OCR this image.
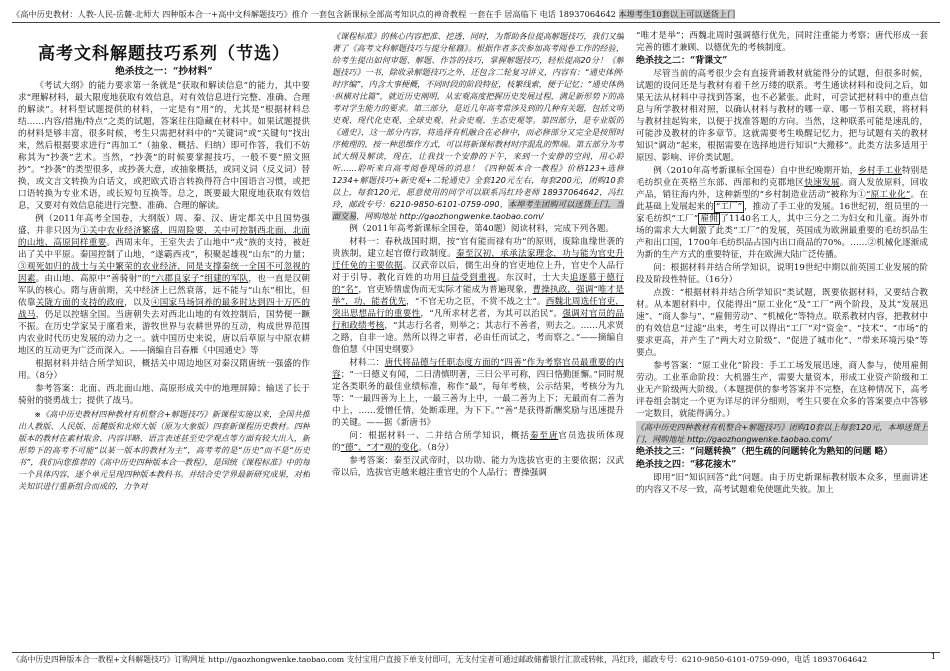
《高中历史教材：人教-人民-岳麓-北师大 四种版本合一+高中文科解题技巧》推介 一套包含新课标全部高考知识点的神奇教程 一套在手 居高临下 电话 18937064642 本埠考生10套以上可以送货上门
高考文科解题技巧系列（节选）
绝杀技之一：“抄材料”

《考试大纲》的能力要求第一条就是“获取和解读信息”的能力，其中要求“理解材料，最大限度地获取有效信息，对有效信息进行完整、准确、合理的解读”。材料型试题提供的材料，一定是有“用”的，尤其是“根据材料总结……内容/措施/特点”之类的试题，答案往往隐藏在材料中。如果试题提供的材料是够丰富，很多时候，考生只需把材料中的“关键词”或“关键句”找出来，然后根据要求进行“再加工”（抽象、概括、归纳）即可作答，我们不妨称其为“抄袭”艺术。当然，“抄袭”的时候要掌握技巧，一般不要“照文照抄”。“抄袭”的类型很多，或抄袭大意，或抽象概括，或同义词（反义词）替换，或文言文转换为白话文，或把欧式语言转换得符合中国语言习惯，或把口语转换为专业术语，或长短句互换等。总之，既要最大限度地获取有效信息，又要对有效信息能进行完整、准确、合理的解读。

例（2011年高考全国卷，大纲版）周、秦、汉、唐定都关中且国势强盛，并非只因为①关中农业经济繁盛，四周险要，关中可控制西北面、北面的山地、高原同样重要。西周末年，王室失去了山地中“戎”族的支持，被赶出了关中平原。秦国控制了山地，“遂霸西戎”，积聚起雄视“山东”的力量；③观死如归的战士与关中繁荣的农业经济，同是支撑秦统一全国不可忽视的因素。由山地、高原中“善骑射”的“六郡良家子”组建的军队，也一直是汉朝军队的核心。隋与唐前期，关中经济上已然衰落，远不能与“山东”相比，但依靠关陇方面的支持的政府，以及④国家马场饲养的最多时达到四十万匹的战马，仍足以控辖全国。当唐朝失去对西北山地的有效控制后，国势便一蹶不振。在历史学家吴于廑看来，游牧世界与农耕世界的互动，构成世界范围内农业时代历史发展的动力之一。就中国历史来说，唐以后草原与中原农耕地区的互动更为广泛而深入。——摘编自吕春雁《中国通史》等

根据材料并结合所学知识，概括关中周边地区对秦汉隋唐统一强盛的作用。（8分）

参考答案：北面、西北面山地、高原形成关中的地理屏障；输送了长于骑射的骁勇战士；提供了战马。

※《高中历史教材四种教材有机整合+解题技巧》新课程实施以来，全国共推出人教版、人民版、岳麓版和北师大版（原为大象版）四套新课程历史教材。四种版本的教材在素材取舍、内容详略、语言表述甚至史学观点等方面有较大出入，新形势下的高考不可能“以某一版本的教材为主”，高考考的是“历史”而不是“历史书”，我们向您推荐的《高中历史四种版本合一教程》，是国统《课程标准》中的每一个具体内容，逐个单元呈现四种版本教科书。并结合史学界最新研究成果，对相关知识进行重新组合而成的，力争对

《课程标准》的核心内容把准、挖透、同时，为帮助各位提高解题技巧，我们又编著了《高考文科解题技巧与提分秘籍》。根据作者多次参加高考阅卷工作的经验，给考生提出如何审题、解题、作答的技巧，掌握解题技巧，轻松提高20分！《解题技巧》一书，除收录解题技巧之外，还包含二轮复习讲义，内容有：“通史体例·时序编”，内含大事梗概，不同时段的阶段特征，枝繁线索，便于记忆；“通史体例·纵横对比篇”，就近历史阐明，从宏观高度把握历史发展过程，满足新形势下的高考对学生能力的要求。第三部分，是近几年高考常涉及到的几种有关题，包括文明史观、现代化史观、全球史观、社会史观、生态史观等。第四部分，是专业版的《通史》，这一部分内容，将选择有机融合在必修中，而必修部分又完全是按照时序梳理的，按一种思维作方式，可以将新课标教材时序混乱的弊端。第五部分为考试大纲及解读，现在，让我找一个安静的下午，来到一个安静的空间，用心聆听……聆听来自高考阅卷现场的消息！《四种版本合一教程》价格123+选修1234+解题技巧+新史观+二轮通史》全套120元左右，每套200元，团购10套以上，每套120元，愿意使用的同学可以联系冯红玲老师 18937064642，冯红玲，邮政专号：6210-9850-6101-0759-090，本埠考生团购可以送货上门，当面交易，网购地址 http://gaozhongwenke.taobao.com/

例（2011年高考新课标全国卷，第40题）阅读材料，完成下列各题。

材料一：春秋战国时期，按“官有能而禄有功”的原则，废除血缘世袭的贵族制，建立起官僚行政制度。秦至汉初，承承法家理念，功与能为官史升迁任免的主要依据。汉武帝以后，儒生出身的官吏地位上升，官史个人品行对于引导、教化百姓的功用日益受到重视。东汉时，士大夫追逐慕于德行的“名”，官吏矫情虚伪而无实际才能成为普遍现象，曹操执政，强调“唯才是举”，功，能者优先，“不官无功之臣，不赏不战之士”。西魏北周选任官吏，突出思想品行的重要性，“凡所求材艺者，为其可以治民”。强调对官员的品行和政绩考核，“其志行名者，则举之；其志行不善者，则去之。……凡求贤之路，自非一途。然所以得之审者，必由任而试之，考而察之。”——摘编自詹伯慧《中国史纲要》

材料二：唐代将品德与任职态度方面的“四善”作为考察官员最重要的内容；“一曰德义有闻，二曰清慎明著，三曰公平可称，四曰恪勤匪懈。”同时规定各类职务的最佳业绩标准，称作“最”，每年考核，公示结果，考核分为九等：“一最四善为上上，一最三善为上中，一最二善为上下；无最而有二善为中上，……爱憎任情，处断乖理，为下下。”“善”是获得新酬奖励与迅速提升的关键。——据《新唐书》

问：根据材料一、二并结合所学知识，概括秦至唐官员选拔所体现的“德”、“才”观的变化。（8分）

参考答案：秦至汉武帝时，以功勋、能力为选拔官吏的主要依据；汉武帝以后，选拔官吏越来越注重官史的个人品行；曹操强调

“唯才是举”；西魏北周时强调德行优先，同时注重能力考察；唐代形成一套完善的德才兼顾、以德优先的考核制度。

绝杀技之二：“背课文”

尽管当前的高考很少会有直接背诵教材就能得分的试题，但很多时候，试题的设问还是与教材有着千丝万缕的联系。考生通读材料和设问之后，如果无法从材料中寻找到答案，也不必紧张。此时，可尝试把材料中的重点信息与所学教材相对照，以确认材料与教材的哪一章、哪一节相关联，将材料与教材挂起钩来，以便于找准答题的方向。当然，这种联系可能是速乱的，可能涉及教材的许多章节。这就需要考生唤醒记忆力，把与试题有关的教材知识“调动”起来，根据需要在选择地进行知识“大搬移”。此类方法多适用于原因、影响、评价类试题。

例（2010年高考新课标全国卷）自中世纪晚期开始，乡村手工业特别是毛纺织业在英格兰东部、西部和约克郡地区快速发展。商人发放原料，回收产品，销往海内外，这种新型的“乡村制造业活动”被称为①“原工业化”。在此基础上发展起来的 “工厂” ，推动了手工业的发展。16世纪初，组员里的一家毛纺织“工厂” 雇佣 了1140名工人，其中三分之二为妇女和儿童。海外市场的需求大大刺激了此类“工厂”的发展，英国成为欧洲最重要的毛纺织品生产和出口国，1700年毛纺织品占国内出口商品的70%。……②机械化逐渐成为新的生产方式的重要特征，并在欧洲大陆广泛传播。

问：根据材料并结合所学知识，说明19世纪中期以前英国工业发展的阶段及阶段性特征。（16分）

点拨：“根据材料并结合所学知识”类试题，既要依据材料，又要结合教材。从本题材料中，仅能得出“原工业化”及“工厂”两个阶段，及其“发展迅速”、“商人参与”、“雇佣劳动”、“机械化”等特点。联系教材内容，把教材中的有效信息“过滤”出来，考生可以得出“工厂”对“资金”、“技术”、“市场”的要求更高，并产生了“两大对立阶级”、“促进了城市化”、“带来环境污染”等要点。

参考答案：“原工业化”阶段：手工工场发展迅速，商人参与，使用雇佣劳动。工业革命阶段：大机器生产，需要大量资本，形成工业资产阶级和工业无产阶级两大阶级。（本题提供的参考答案并不完整，在这种情况下，高考评卷组会制定一个更为详尽的评分细则，考生只要在众多的答案要点中答够一定数目，就能得满分。）

《高中历史四种教材有机整合+解题技巧》团购10套以上每套120元，本埠送货上门，网购地址 http://gaozhongwenke.taobao.com/

绝杀技之三：“问题转换”（把生疏的问题转化为熟知的问题 略）
绝杀技之四：“移花接木”

即用“旧”知识回答“此”问题。由于历史新课标教材版本众多，里面讲述的内容又不尽一致，高考试题难免使题此失彼。加上

《高中历史四种版本合一教程+文科解题技巧》订购网址 http://gaozhongwenke.taobao.com 支付宝用户直接下单支付即可，无支付宝者可通过邮政储蓄银行汇款或转帐，冯红玲，邮政专号：6210-9850-6101-0759-090，电话 18937064642	1
